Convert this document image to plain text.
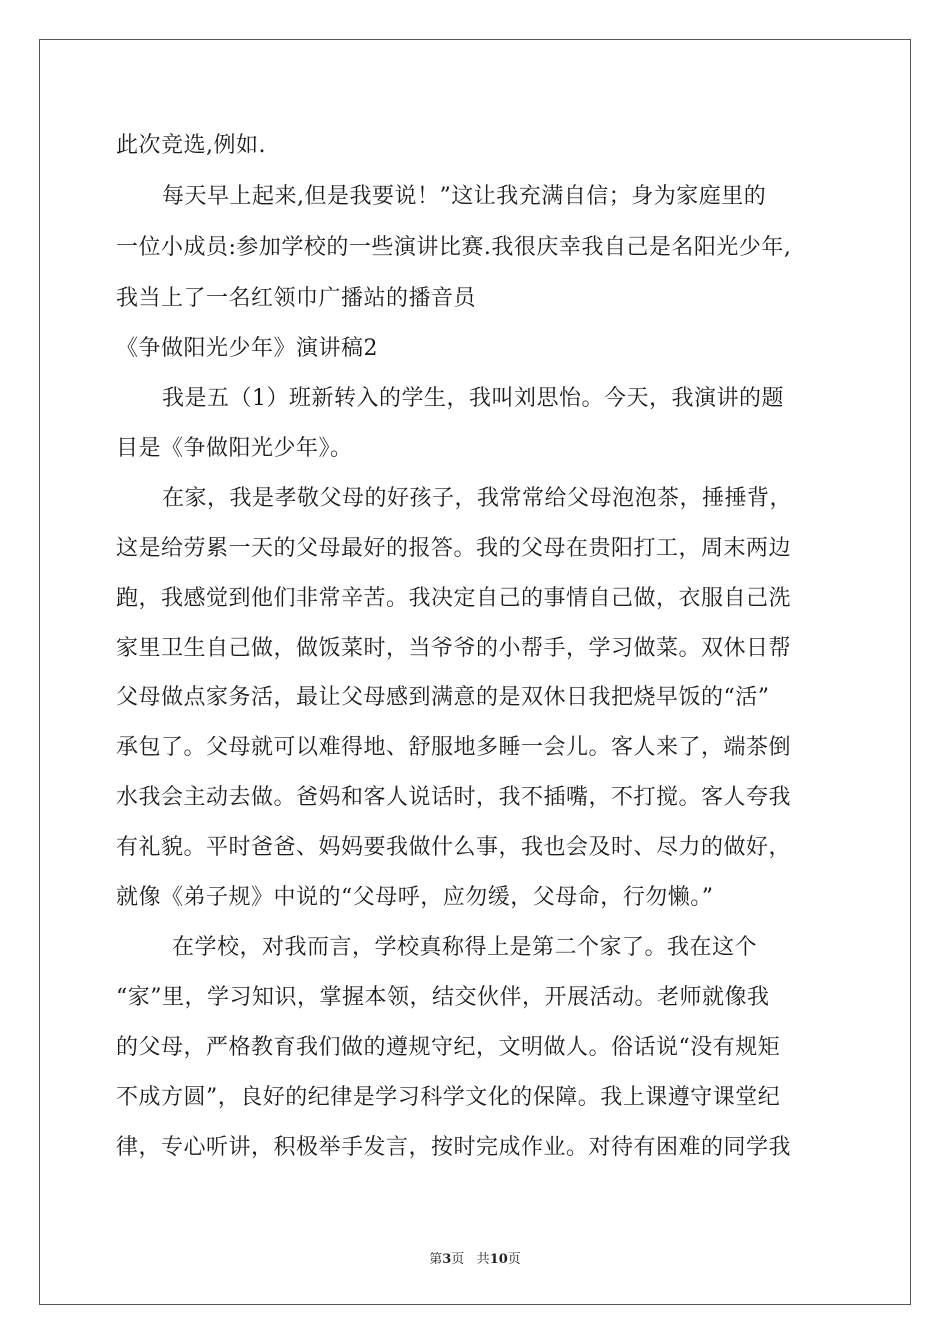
此次竞选,例如.

每天早上起来,但是我要说！”这让我充满自信；身为家庭里的

一位小成员:参加学校的一些演讲比赛.我很庆幸我自己是名阳光少年,

我当上了一名红领巾广播站的播音员

《争做阳光少年》演讲稿2

我是五（1）班新转入的学生，我叫刘思怡。今天，我演讲的题

目是《争做阳光少年》。

在家，我是孝敬父母的好孩子，我常常给父母泡泡茶，捶捶背，

这是给劳累一天的父母最好的报答。我的父母在贵阳打工，周末两边

跑，我感觉到他们非常辛苦。我决定自己的事情自己做，衣服自己洗

家里卫生自己做，做饭菜时，当爷爷的小帮手，学习做菜。双休日帮

父母做点家务活，最让父母感到满意的是双休日我把烧早饭的“活”

承包了。父母就可以难得地、舒服地多睡一会儿。客人来了，端茶倒

水我会主动去做。爸妈和客人说话时，我不插嘴，不打搅。客人夸我

有礼貌。平时爸爸、妈妈要我做什么事，我也会及时、尽力的做好，

就像《弟子规》中说的“父母呼，应勿缓，父母命，行勿懒。”

在学校，对我而言，学校真称得上是第二个家了。我在这个

“家”里，学习知识，掌握本领，结交伙伴，开展活动。老师就像我

的父母，严格教育我们做的遵规守纪，文明做人。俗话说“没有规矩

不成方圆”，良好的纪律是学习科学文化的保障。我上课遵守课堂纪

律，专心听讲，积极举手发言，按时完成作业。对待有困难的同学我

第3页 共10页
